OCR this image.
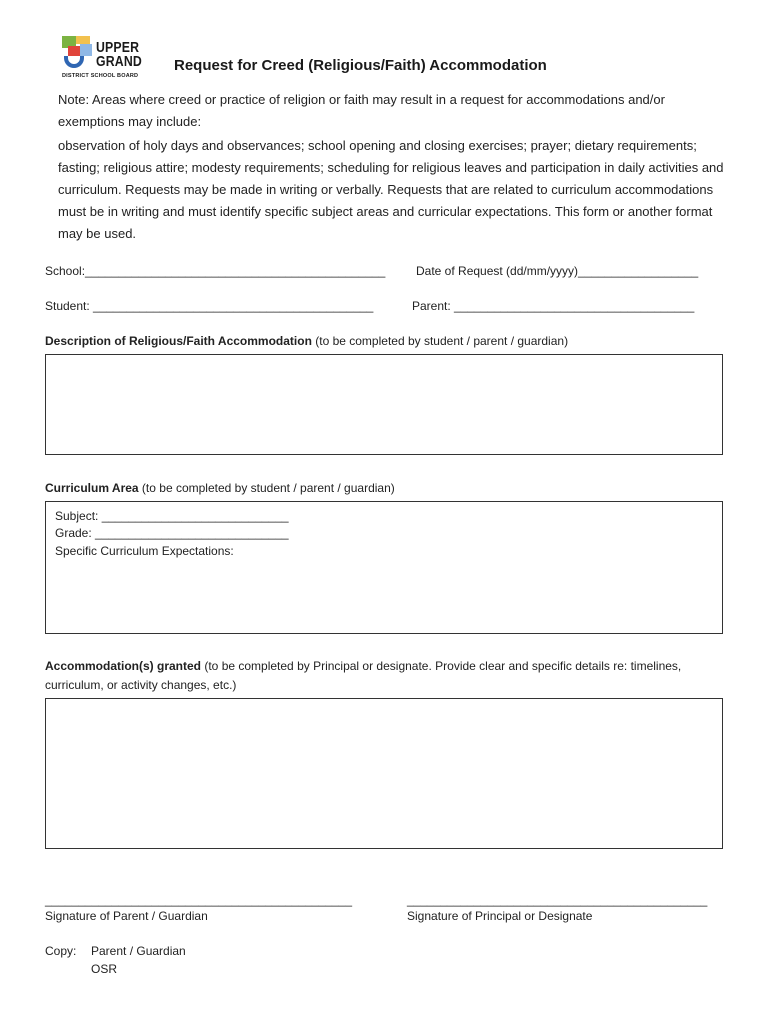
UPPER
GRAND
DISTRICT SCHOOL BOARD
Request for Creed (Religious/Faith) Accommodation
Note: Areas where creed or practice of religion or faith may result in a request for accommodations and/or exemptions may include:
observation of holy days and observances; school opening and closing exercises; prayer; dietary requirements; fasting; religious attire; modesty requirements; scheduling for religious leaves and participation in daily activities and curriculum. Requests may be made in writing or verbally. Requests that are related to curriculum accommodations must be in writing and must identify specific subject areas and curricular expectations. This form or another format may be used.
School:_____________________________________________	Date of Request (dd/mm/yyyy)__________________
Student: __________________________________________	Parent: ____________________________________
Description of Religious/Faith Accommodation (to be completed by student / parent / guardian)
Curriculum Area (to be completed by student / parent / guardian)
Subject: ____________________________
Grade: _____________________________
Specific Curriculum Expectations:
Accommodation(s) granted (to be completed by Principal or designate. Provide clear and specific details re: timelines,
curriculum, or activity changes, etc.)
______________________________________________	_____________________________________________
Signature of Parent / Guardian	Signature of Principal or Designate
Copy: Parent / Guardian
OSR
